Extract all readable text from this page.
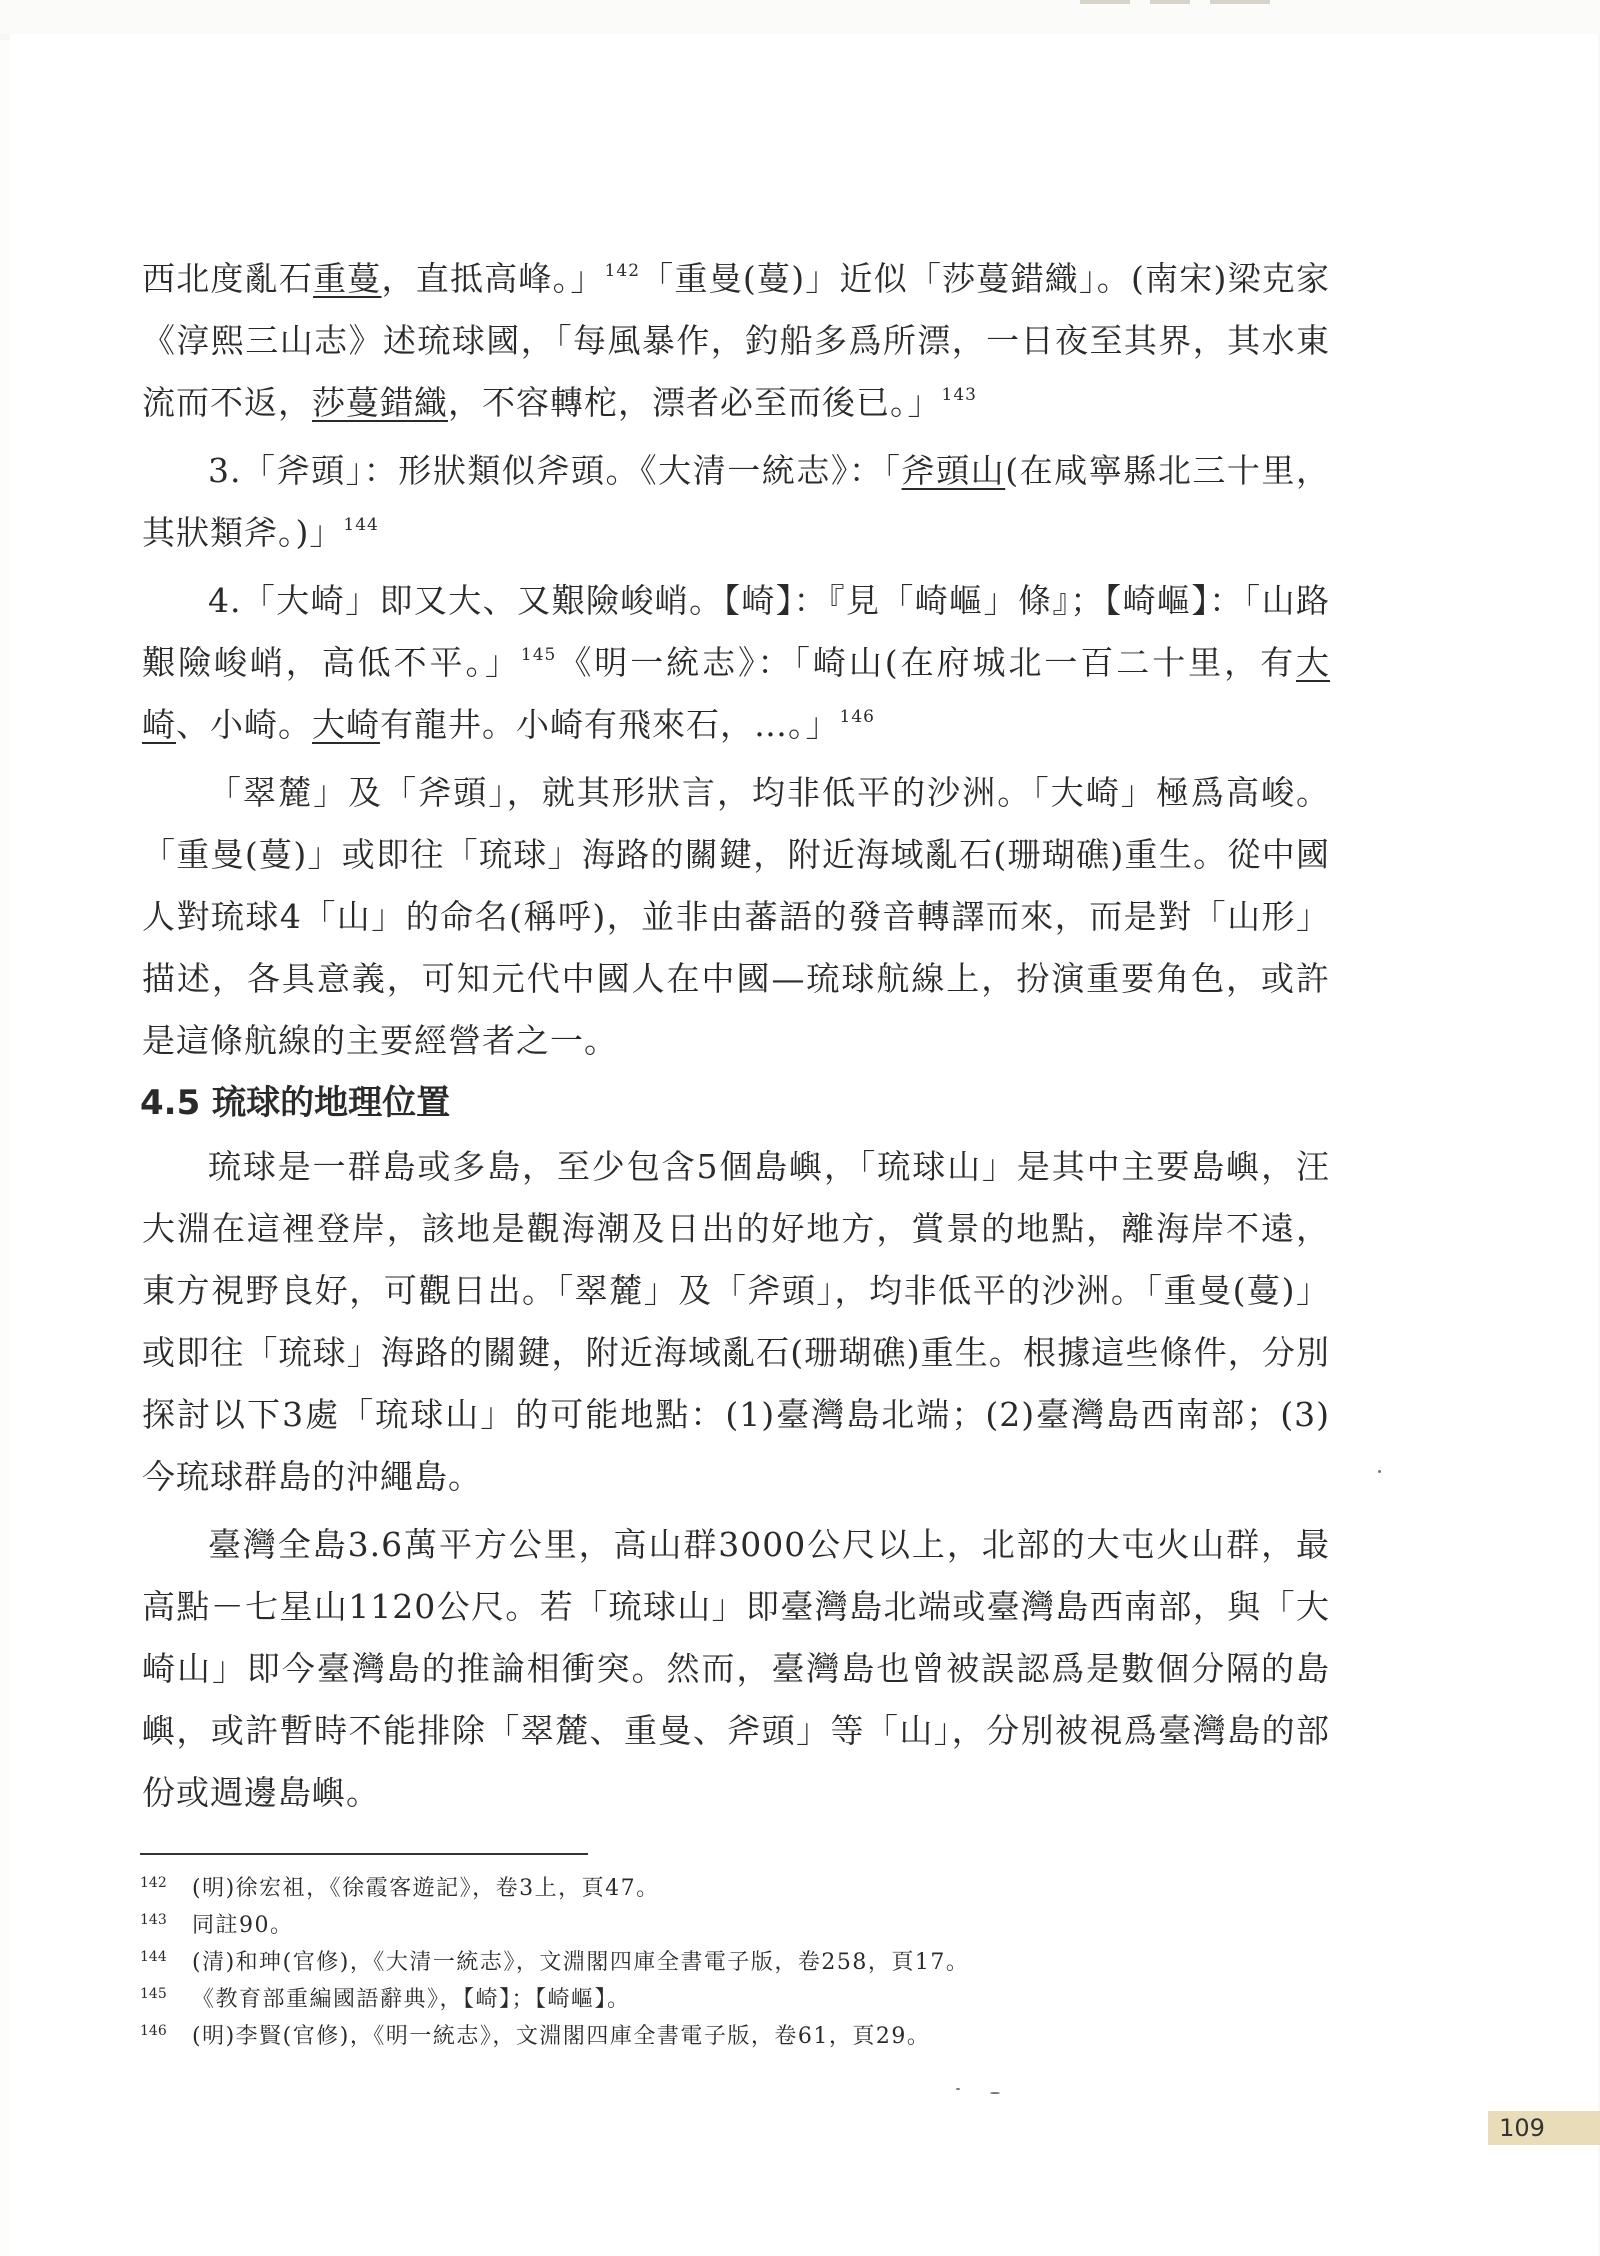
西北度亂石重蔓，直抵高峰。」$^{142}$「重曼(蔓)」近似「莎蔓錯織」。(南宋)梁克家《淳熙三山志》述琉球國，「每風暴作，釣船多爲所漂，一日夜至其界，其水東流而不返，莎蔓錯織，不容轉柁，漂者必至而後已。」$^{143}$

3.「斧頭」：形狀類似斧頭。《大清一統志》：「斧頭山(在咸寧縣北三十里，其狀類斧。)」$^{144}$

4.「大崎」即又大、又艱險峻峭。【崎】：『見「崎嶇」條』；【崎嶇】：「山路艱險峻峭，高低不平。」$^{145}$《明一統志》：「崎山(在府城北一百二十里，有大崎、小崎。大崎有龍井。小崎有飛來石，…。」$^{146}$

「翠麓」及「斧頭」，就其形狀言，均非低平的沙洲。「大崎」極爲高峻。「重曼(蔓)」或即往「琉球」海路的關鍵，附近海域亂石(珊瑚礁)重生。從中國人對琉球4「山」的命名(稱呼)，並非由蕃語的發音轉譯而來，而是對「山形」描述，各具意義，可知元代中國人在中國—琉球航線上，扮演重要角色，或許是這條航線的主要經營者之一。

4.5 琉球的地理位置

琉球是一群島或多島，至少包含5個島嶼，「琉球山」是其中主要島嶼，汪大淵在這裡登岸，該地是觀海潮及日出的好地方，賞景的地點，離海岸不遠，東方視野良好，可觀日出。「翠麓」及「斧頭」，均非低平的沙洲。「重曼(蔓)」或即往「琉球」海路的關鍵，附近海域亂石(珊瑚礁)重生。根據這些條件，分別探討以下3處「琉球山」的可能地點：(1)臺灣島北端；(2)臺灣島西南部；(3)今琉球群島的沖繩島。

臺灣全島3.6萬平方公里，高山群3000公尺以上，北部的大屯火山群，最高點－七星山1120公尺。若「琉球山」即臺灣島北端或臺灣島西南部，與「大崎山」即今臺灣島的推論相衝突。然而，臺灣島也曾被誤認爲是數個分隔的島嶼，或許暫時不能排除「翠麓、重曼、斧頭」等「山」，分別被視爲臺灣島的部份或週邊島嶼。

142	(明)徐宏祖，《徐霞客遊記》，卷3上，頁47。
143	同註90。
144	(清)和珅(官修)，《大清一統志》，文淵閣四庫全書電子版，卷258，頁17。
145	《教育部重編國語辭典》，【崎】；【崎嶇】。
146	(明)李賢(官修)，《明一統志》，文淵閣四庫全書電子版，卷61，頁29。
109
